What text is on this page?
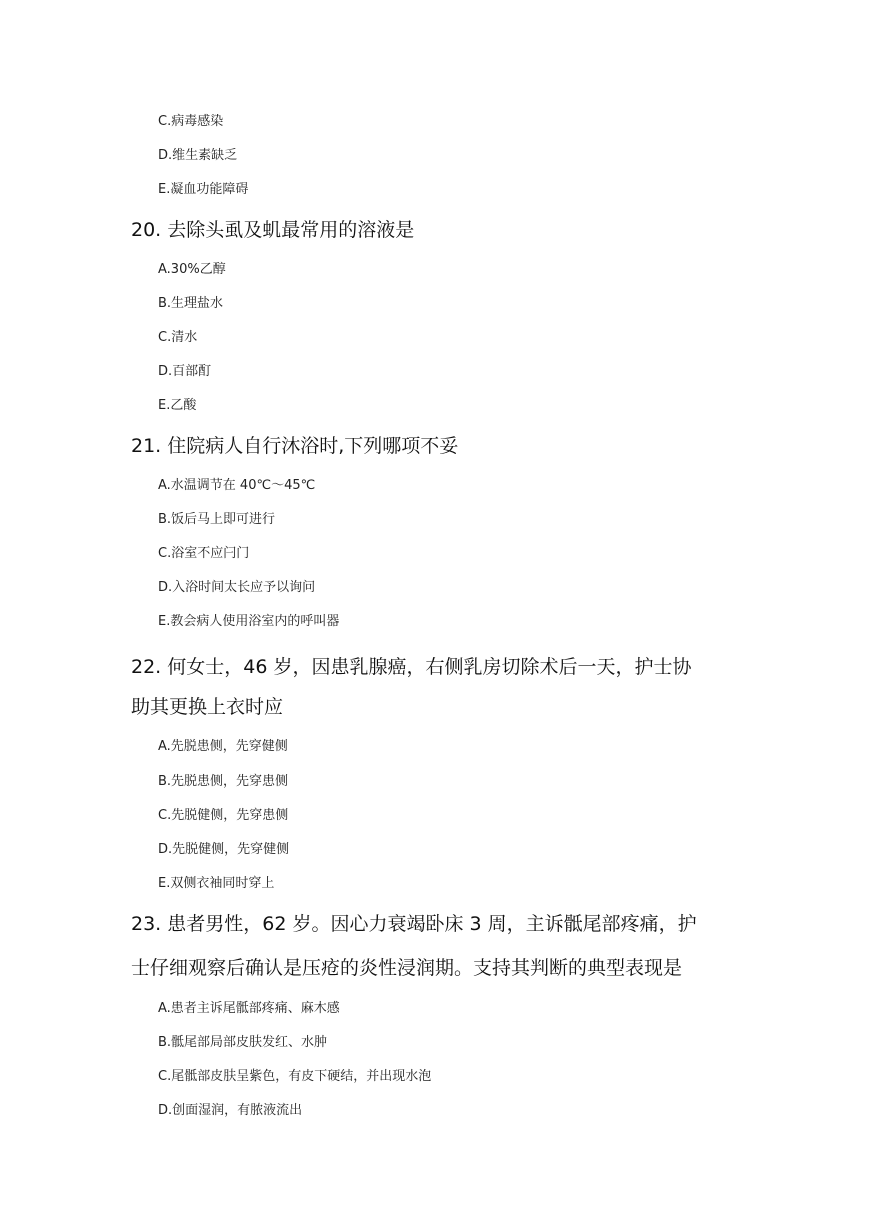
C.病毒感染
D.维生素缺乏
E.凝血功能障碍
20. 去除头虱及虮最常用的溶液是
A.30%乙醇
B.生理盐水
C.清水
D.百部酊
E.乙酸
21. 住院病人自行沐浴时,下列哪项不妥
A.水温调节在 40℃～45℃
B.饭后马上即可进行
C.浴室不应闩门
D.入浴时间太长应予以询问
E.教会病人使用浴室内的呼叫器
22. 何女士，46 岁，因患乳腺癌，右侧乳房切除术后一天，护士协
助其更换上衣时应
A.先脱患侧，先穿健侧
B.先脱患侧，先穿患侧
C.先脱健侧，先穿患侧
D.先脱健侧，先穿健侧
E.双侧衣袖同时穿上
23. 患者男性，62 岁。因心力衰竭卧床 3 周，主诉骶尾部疼痛，护
士仔细观察后确认是压疮的炎性浸润期。支持其判断的典型表现是
A.患者主诉尾骶部疼痛、麻木感
B.骶尾部局部皮肤发红、水肿
C.尾骶部皮肤呈紫色，有皮下硬结，并出现水泡
D.创面湿润，有脓液流出
